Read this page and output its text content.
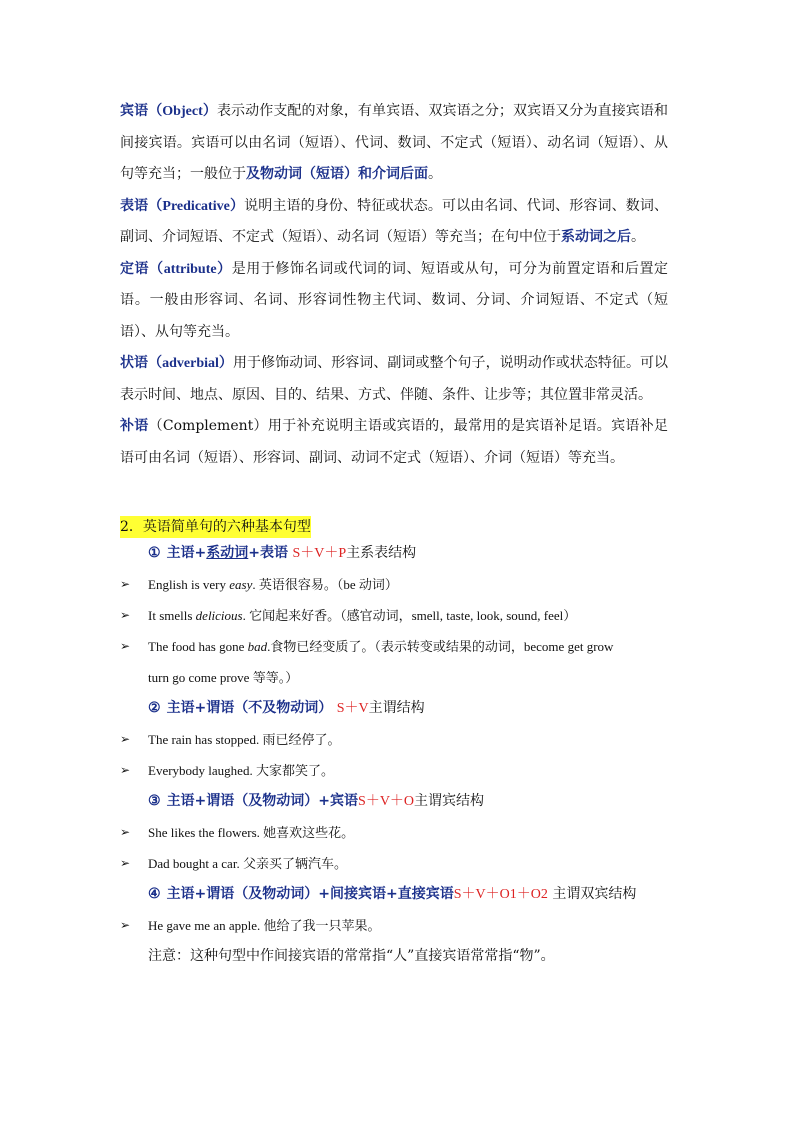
宾语（Object）表示动作支配的对象，有单宾语、双宾语之分；双宾语又分为直接宾语和间接宾语。宾语可以由名词（短语）、代词、数词、不定式（短语）、动名词（短语）、从句等充当；一般位于及物动词（短语）和介词后面。

表语（Predicative）说明主语的身份、特征或状态。可以由名词、代词、形容词、数词、副词、介词短语、不定式（短语）、动名词（短语）等充当；在句中位于系动词之后。

定语（attribute）是用于修饰名词或代词的词、短语或从句，可分为前置定语和后置定语。一般由形容词、名词、形容词性物主代词、数词、分词、介词短语、不定式（短语）、从句等充当。

状语（adverbial）用于修饰动词、形容词、副词或整个句子，说明动作或状态特征。可以表示时间、地点、原因、目的、结果、方式、伴随、条件、让步等；其位置非常灵活。

补语（Complement）用于补充说明主语或宾语的，最常用的是宾语补足语。宾语补足语可由名词（短语）、形容词、副词、动词不定式（短语）、介词（短语）等充当。

2．英语简单句的六种基本句型

① 主语+系动词+表语 S＋V＋P主系表结构

➢ English is very easy. 英语很容易。（be 动词）

➢ It smells delicious. 它闻起来好香。（感官动词，smell, taste, look, sound, feel）

➢ The food has gone bad.食物已经变质了。（表示转变或结果的动词，become get grow

turn go come prove 等等。）

② 主语+谓语（不及物动词） S＋V主谓结构

➢ The rain has stopped. 雨已经停了。

➢ Everybody laughed. 大家都笑了。

③ 主语+谓语（及物动词）+宾语S＋V＋O主谓宾结构

➢ She likes the flowers. 她喜欢这些花。

➢ Dad bought a car. 父亲买了辆汽车。

④ 主语+谓语（及物动词）+间接宾语+直接宾语S＋V＋O1＋O2 主谓双宾结构

➢ He gave me an apple. 他给了我一只苹果。

注意：这种句型中作间接宾语的常常指“人”直接宾语常常指“物”。
